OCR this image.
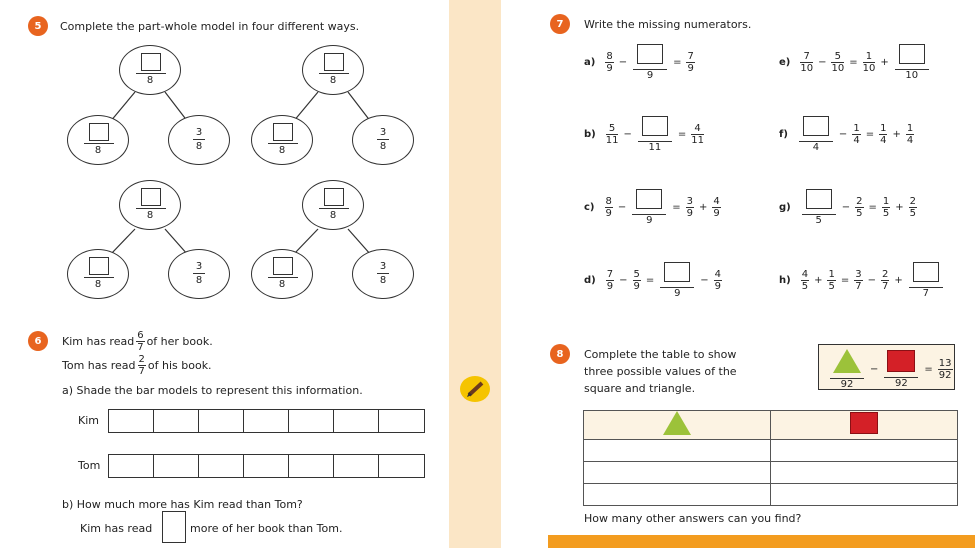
5	Complete the part-whole model in four different ways.
8
8
3
8
8
8
3
8
8
8
3
8
8
8
3
8
6	Kim has read $\frac{6}{7}$ of her book.
Tom has read $\frac{2}{7}$ of his book.
a) Shade the bar models to represent this information.
Kim
Tom
b) How much more has Kim read than Tom?
Kim has read	more of her book than Tom.
7	Write the missing numerators.
$a) \frac{8}{9}$ −
9
= $\frac{7}{9}$
$b) \frac{5}{11}$ −
11
= $\frac{4}{11}$
$c) \frac{8}{9}$ −
9
= $\frac{3}{9} + \frac{4}{9}$
$d) \frac{7}{9} - \frac{5}{9}$ =
9
− $\frac{4}{9}$
$e) \frac{7}{10} - \frac{5}{10} = \frac{1}{10}$ +
10
f)
4
− $\frac{1}{4} = \frac{1}{4} + \frac{1}{4}$
g)
5
− $\frac{2}{5} = \frac{1}{5} + \frac{2}{5}$
$h) \frac{4}{5} + \frac{1}{5} = \frac{3}{7} - \frac{2}{7}$ +
7
8	Complete the table to show
three possible values of the
square and triangle.	92
−
92
= $\frac{13}{92}$

How many other answers can you find?
